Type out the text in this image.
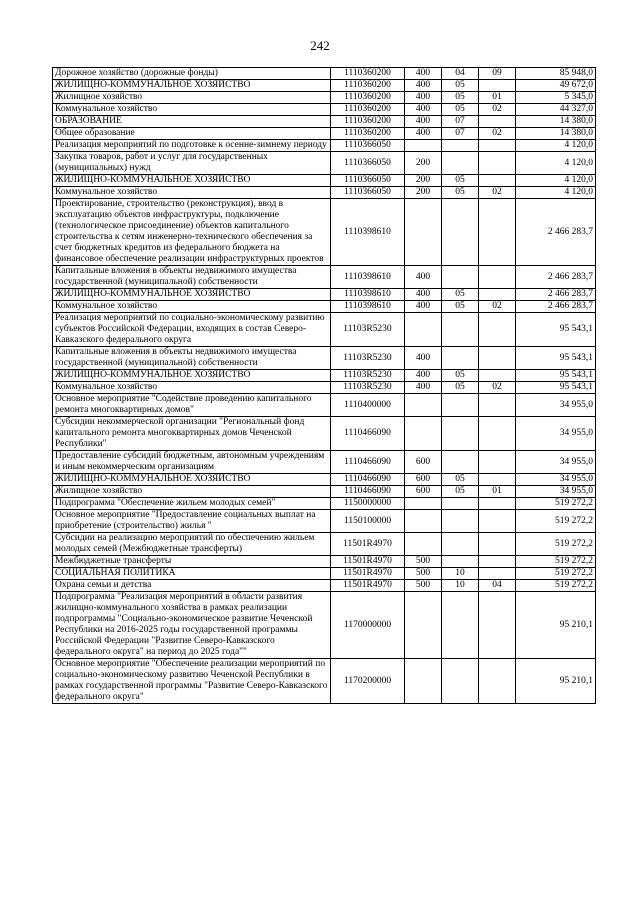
242
Дорожное хозяйство (дорожные фонды)	1110360200	400	04	09	85 948,0
ЖИЛИЩНО-КОММУНАЛЬНОЕ ХОЗЯЙСТВО	1110360200	400	05		49 672,0
Жилищное хозяйство	1110360200	400	05	01	5 345,0
Коммунальное хозяйство	1110360200	400	05	02	44 327,0
ОБРАЗОВАНИЕ	1110360200	400	07		14 380,0
Общее образование	1110360200	400	07	02	14 380,0
Реализация мероприятий по подготовке к осенне-зимнему периоду	1110366050				4 120,0
Закупка товаров, работ и услуг для государственных (муниципальных) нужд	1110366050	200			4 120,0
ЖИЛИЩНО-КОММУНАЛЬНОЕ ХОЗЯЙСТВО	1110366050	200	05		4 120,0
Коммунальное хозяйство	1110366050	200	05	02	4 120,0
Проектирование, строительство (реконструкция), ввод в эксплуатацию объектов инфраструктуры, подключение (технологическое присоединение) объектов капитального строительства к сетям инженерно-технического обеспечения за счет бюджетных кредитов из федерального бюджета на финансовое обеспечение реализации инфраструктурных проектов	1110398610				2 466 283,7
Капитальные вложения в объекты недвижимого имущества государственной (муниципальной) собственности	1110398610	400			2 466 283,7
ЖИЛИЩНО-КОММУНАЛЬНОЕ ХОЗЯЙСТВО	1110398610	400	05		2 466 283,7
Коммунальное хозяйство	1110398610	400	05	02	2 466 283,7
Реализация мероприятий по социально-экономическому развитию субъектов Российской Федерации, входящих в состав Северо-Кавказского федерального округа	11103R5230				95 543,1
Капитальные вложения в объекты недвижимого имущества государственной (муниципальной) собственности	11103R5230	400			95 543,1
ЖИЛИЩНО-КОММУНАЛЬНОЕ ХОЗЯЙСТВО	11103R5230	400	05		95 543,1
Коммунальное хозяйство	11103R5230	400	05	02	95 543,1
Основное мероприятие "Содействие проведению капитального ремонта многоквартирных домов"	1110400000				34 955,0
Субсидии некоммерческой организации "Региональный фонд капитального ремонта многоквартирных домов Чеченской Республики"	1110466090				34 955,0
Предоставление субсидий бюджетным, автономным учреждениям и иным некоммерческим организациям	1110466090	600			34 955,0
ЖИЛИЩНО-КОММУНАЛЬНОЕ ХОЗЯЙСТВО	1110466090	600	05		34 955,0
Жилищное хозяйство	1110466090	600	05	01	34 955,0
Подпрограмма "Обеспечение жильем молодых семей"	1150000000				519 272,2
Основное мероприятие "Предоставление социальных выплат на приобретение (строительство) жилья "	1150100000				519 272,2
Субсидии на реализацию мероприятий по обеспечению жильем молодых семей (Межбюджетные трансферты)	11501R4970				519 272,2
Межбюджетные трансферты	11501R4970	500			519 272,2
СОЦИАЛЬНАЯ ПОЛИТИКА	11501R4970	500	10		519 272,2
Охрана семьи и детства	11501R4970	500	10	04	519 272,2
Подпрограмма "Реализация мероприятий в области развития жилищно-коммунального хозяйства в рамках реализации подпрограммы "Социально-экономическое развитие Чеченской Республики на 2016-2025 годы государственной программы Российской Федерации "Развитие Северо-Кавказского федерального округа" на период до 2025 года""	1170000000				95 210,1
Основное мероприятие "Обеспечение реализации мероприятий по социально-экономическому развитию Чеченской Республики в рамках государственной программы "Развитие Северо-Кавказского федерального округа"	1170200000				95 210,1
